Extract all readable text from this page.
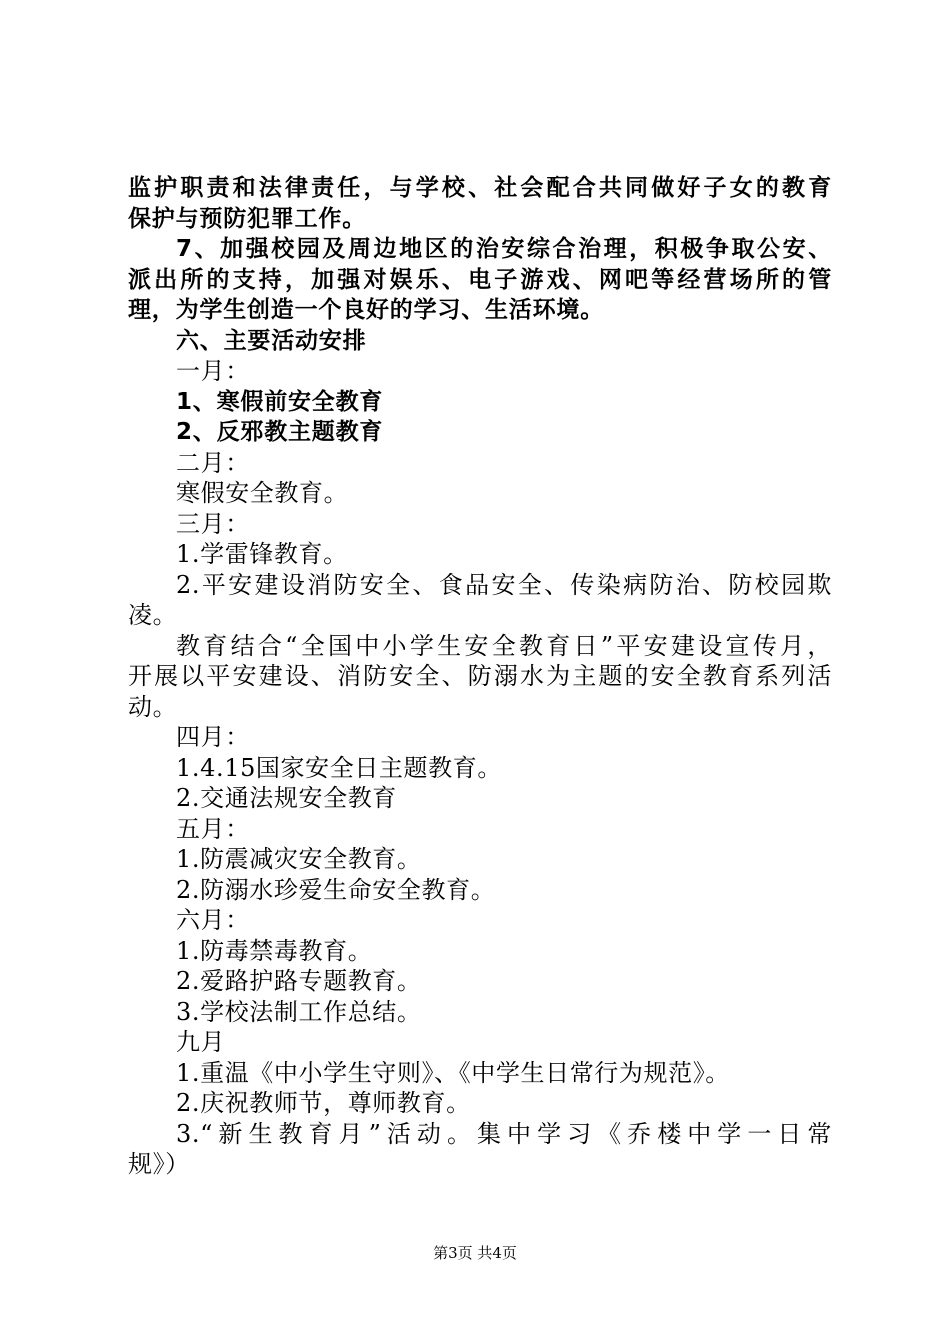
监护职责和法律责任，与学校、社会配合共同做好子女的教育
保护与预防犯罪工作。
7、加强校园及周边地区的治安综合治理，积极争取公安、
派出所的支持，加强对娱乐、电子游戏、网吧等经营场所的管
理，为学生创造一个良好的学习、生活环境。
六、主要活动安排
一月：
1、寒假前安全教育
2、反邪教主题教育
二月：
寒假安全教育。
三月：
1.学雷锋教育。
2.平安建设消防安全、食品安全、传染病防治、防校园欺
凌。
教育结合“全国中小学生安全教育日”平安建设宣传月，
开展以平安建设、消防安全、防溺水为主题的安全教育系列活
动。
四月：
1.4.15国家安全日主题教育。
2.交通法规安全教育
五月：
1.防震减灾安全教育。
2.防溺水珍爱生命安全教育。
六月：
1.防毒禁毒教育。
2.爱路护路专题教育。
3.学校法制工作总结。
九月
1.重温《中小学生守则》、《中学生日常行为规范》。
2.庆祝教师节，尊师教育。
3.“新生教育月”活动。集中学习《乔楼中学一日常
规》）
第3页 共4页
